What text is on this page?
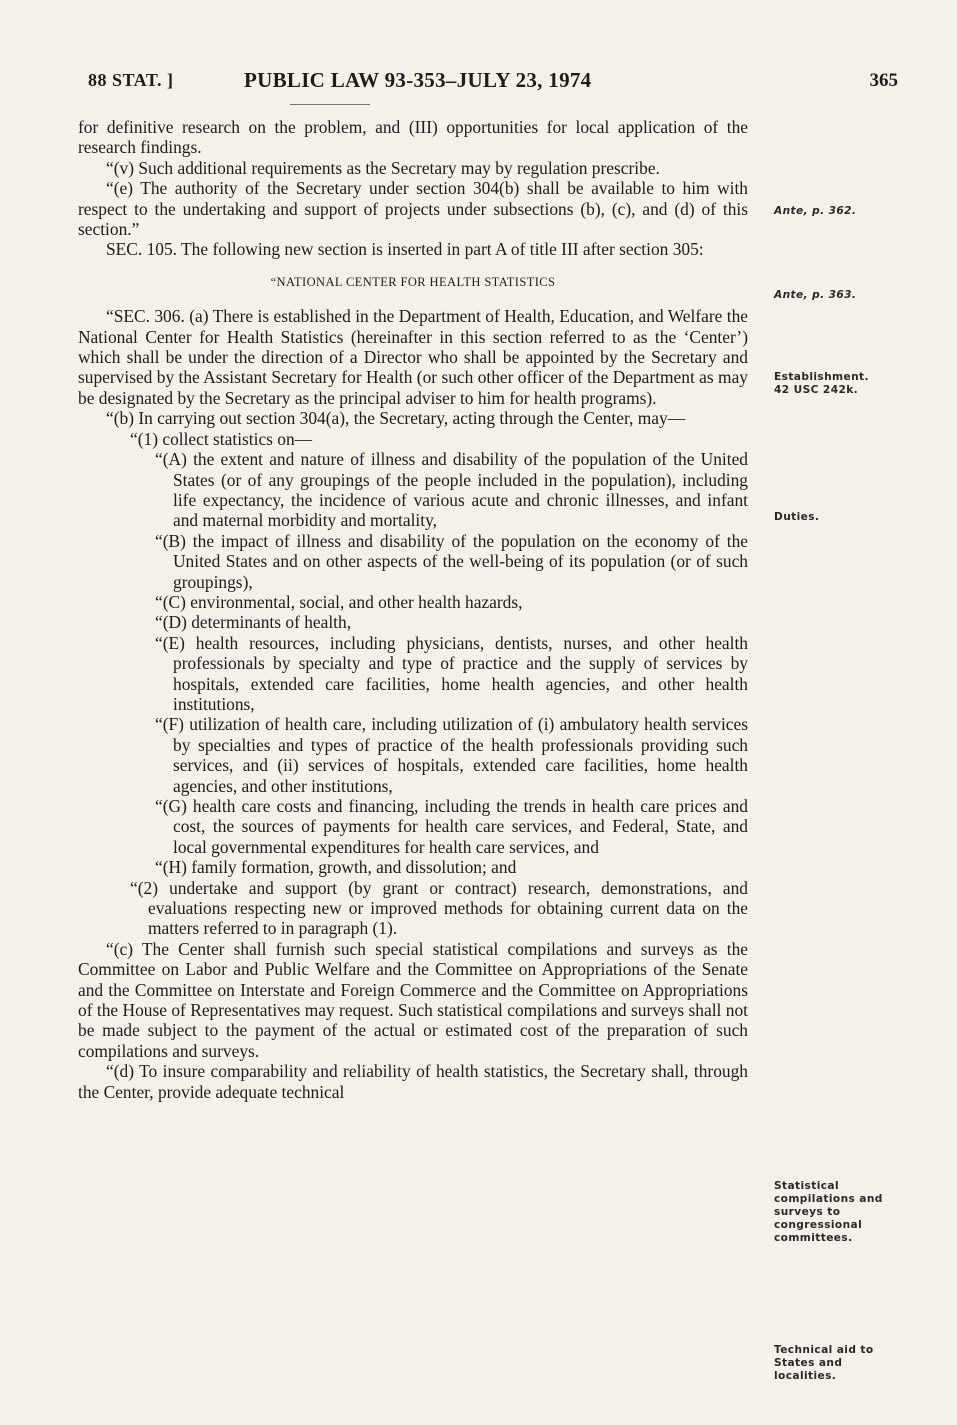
88 STAT. ]	PUBLIC LAW 93-353–JULY 23, 1974	365

for definitive research on the problem, and (III) opportunities for local application of the research findings.

“(v) Such additional requirements as the Secretary may by regulation prescribe.

“(e) The authority of the Secretary under section 304(b) shall be available to him with respect to the undertaking and support of projects under subsections (b), (c), and (d) of this section.”

SEC. 105. The following new section is inserted in part A of title III after section 305:

“NATIONAL CENTER FOR HEALTH STATISTICS

“SEC. 306. (a) There is established in the Department of Health, Education, and Welfare the National Center for Health Statistics (hereinafter in this section referred to as the ‘Center’) which shall be under the direction of a Director who shall be appointed by the Secretary and supervised by the Assistant Secretary for Health (or such other officer of the Department as may be designated by the Secretary as the principal adviser to him for health programs).

“(b) In carrying out section 304(a), the Secretary, acting through the Center, may—

“(1) collect statistics on—

“(A) the extent and nature of illness and disability of the population of the United States (or of any groupings of the people included in the population), including life expectancy, the incidence of various acute and chronic illnesses, and infant and maternal morbidity and mortality,

“(B) the impact of illness and disability of the population on the economy of the United States and on other aspects of the well-being of its population (or of such groupings),

“(C) environmental, social, and other health hazards,

“(D) determinants of health,

“(E) health resources, including physicians, dentists, nurses, and other health professionals by specialty and type of practice and the supply of services by hospitals, extended care facilities, home health agencies, and other health institutions,

“(F) utilization of health care, including utilization of (i) ambulatory health services by specialties and types of practice of the health professionals providing such services, and (ii) services of hospitals, extended care facilities, home health agencies, and other institutions,

“(G) health care costs and financing, including the trends in health care prices and cost, the sources of payments for health care services, and Federal, State, and local governmental expenditures for health care services, and

“(H) family formation, growth, and dissolution; and

“(2) undertake and support (by grant or contract) research, demonstrations, and evaluations respecting new or improved methods for obtaining current data on the matters referred to in paragraph (1).

“(c) The Center shall furnish such special statistical compilations and surveys as the Committee on Labor and Public Welfare and the Committee on Appropriations of the Senate and the Committee on Interstate and Foreign Commerce and the Committee on Appropriations of the House of Representatives may request. Such statistical compilations and surveys shall not be made subject to the payment of the actual or estimated cost of the preparation of such compilations and surveys.

“(d) To insure comparability and reliability of health statistics, the Secretary shall, through the Center, provide adequate technical

Ante, p. 362.
Ante, p. 363.
Establishment.
42 USC 242k.
Duties.
Statistical compilations and surveys to congressional committees.
Technical aid to States and localities.
